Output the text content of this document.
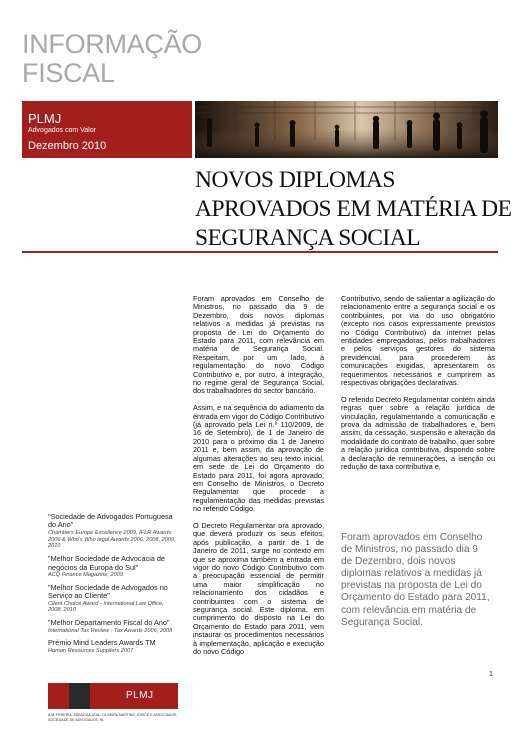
INFORMAÇÃO
FISCAL
PLMJ
Advogados com Valor
Dezembro 2010
NOVOS DIPLOMAS
APROVADOS EM MATÉRIA DE
SEGURANÇA SOCIAL

Foram aprovados em Conselho de Ministros, no passado dia 9 de Dezembro, dois novos diplomas relativos a medidas já previstas na proposta de Lei do Orçamento do Estado para 2011, com relevância em matéria de Segurança Social. Respeitam, por um lado, à regulamentação do novo Código Contributivo e, por outro, à integração, no regime geral de Segurança Social, dos trabalhadores do sector bancário.

Assim, e na sequência do adiamento da entrada em vigor do Código Contributivo (já aprovado pela Lei n.º 110/2009, de 16 de Setembro), de 1 de Janeiro de 2010 para o próximo dia 1 de Janeiro 2011 e, bem assim, da aprovação de algumas alterações ao seu texto inicial, em sede de Lei do Orçamento do Estado para 2011, foi agora aprovado, em Conselho de Ministros, o Decreto Regulamentar que procede à regulamentação das medidas previstas no referido Código.

O Decreto Regulamentar ora aprovado, que deverá produzir os seus efeitos, após publicação, a partir de 1 de Janeiro de 2011, surge no contexto em que se aproxima também a entrada em vigor do novo Código Contributivo com a preocupação essencial de permitir uma maior simplificação no relacionamento dos cidadãos e contribuintes com o sistema de segurança social. Este diploma, em cumprimento do disposto na Lei do Orçamento do Estado para 2011, vem instaurar os procedimentos necessários à implementação, aplicação e execução do novo Código

Contributivo, sendo de salientar a agilização do relacionamento entre a segurança social e os contribuintes, por via do uso obrigatório (excepto nos casos expressamente previstos no Código Contributivo) da internet pelas entidades empregadoras, pelos trabalhadores e pelos serviços gestores do sistema previdencial, para procederem às comunicações exigidas, apresentarem os requerimentos necessários e cumprirem as respectivas obrigações declarativas.

O referido Decreto Regulamentar contem ainda regras quer sobre a relação jurídica de vinculação, regulamentando a comunicação e prova da admissão de trabalhadores e, bem assim, da cessação, suspensão e alteração da modalidade do contrato de trabalho, quer sobre a relação jurídica contributiva, dispondo sobre a declaração de remunerações, a isenção ou redução de taxa contributiva e,

Foram aprovados em Conselho de Ministros, no passado dia 9 de Dezembro, dois novos diplomas relativos a medidas já previstas na proposta de Lei do Orçamento do Estado para 2011, com relevância em matéria de Segurança Social.
"Sociedade de Advogados Portuguesa do Ano"
Chambers Europe Excellence 2009, IFLR Awards 2006 & Who's Who legal Awards 2006, 2008, 2009, 2010
"Melhor Sociedade de Advocacia de negócios da Europa do Sul"
ACQ Finance Magazine, 2009
"Melhor Sociedade de Advogados no Serviço ao Cliente"
Client Choice Award - International Law Office, 2008, 2010
"Melhor Departamento Fiscal do Ano"
International Tax Review - Tax Awards 2006, 2008
Prémio Mind Leaders Awards TM
Human Resources Suppliers 2007
1
PLMJ
A.M. PEREIRA, SÁRAGGA LEAL, OLIVEIRA MARTINS, JÚDICE E ASSOCIADOS SOCIEDADE DE ADVOGADOS, RL
